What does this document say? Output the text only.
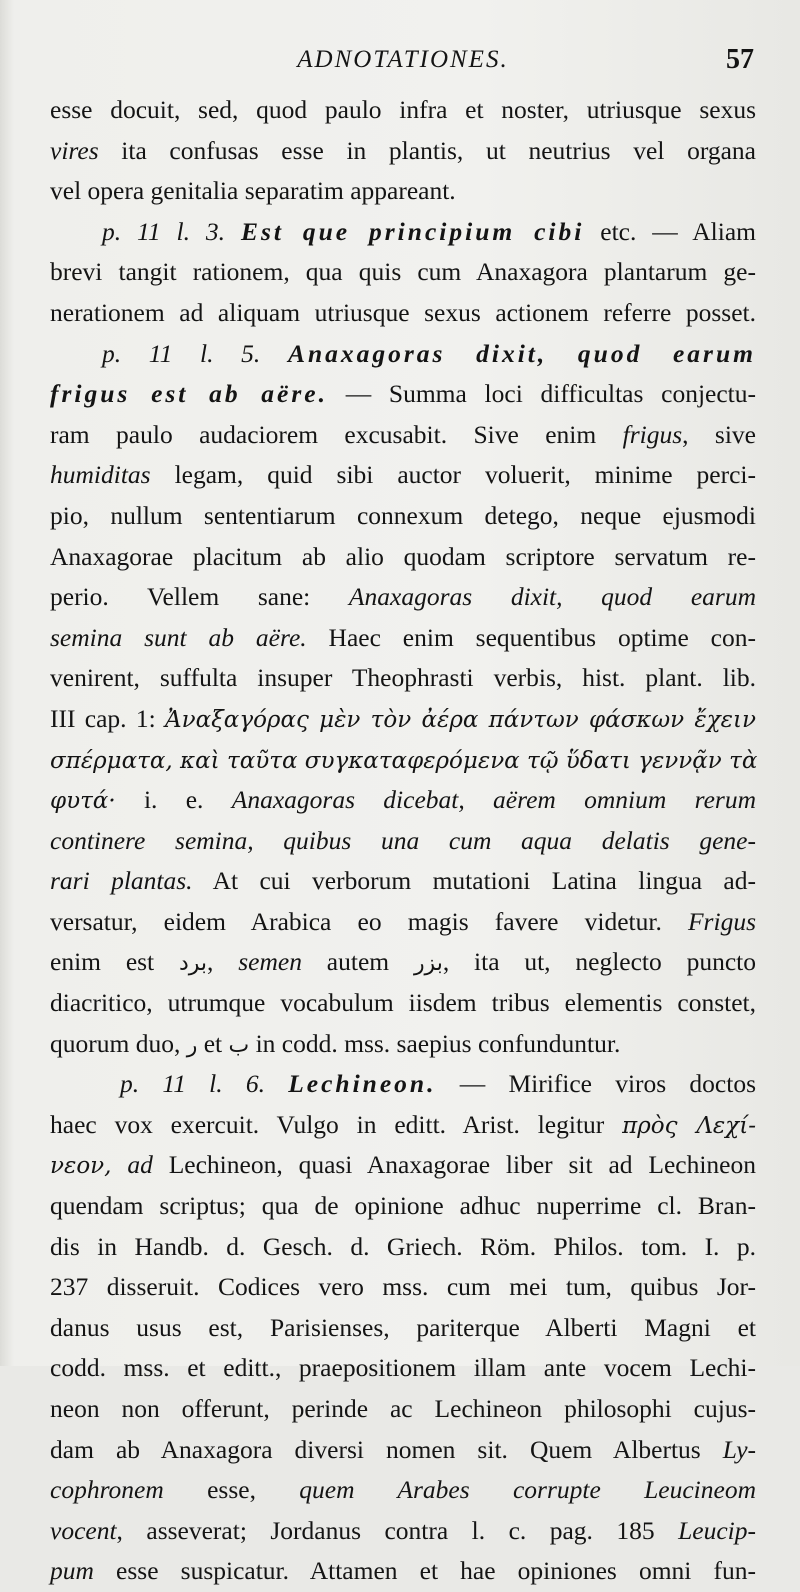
ADNOTATIONES.	57
esse docuit, sed, quod paulo infra et noster, utriusque sexus
vires ita confusas esse in plantis, ut neutrius vel organa
vel opera genitalia separatim appareant.
p. 11 l. 3. Est que principium cibi etc. — Aliam
brevi tangit rationem, qua quis cum Anaxagora plantarum ge-
nerationem ad aliquam utriusque sexus actionem referre posset.
p. 11 l. 5. Anaxagoras dixit, quod earum
frigus est ab aëre. — Summa loci difficultas conjectu-
ram paulo audaciorem excusabit. Sive enim frigus, sive
humiditas legam, quid sibi auctor voluerit, minime perci-
pio, nullum sententiarum connexum detego, neque ejusmodi
Anaxagorae placitum ab alio quodam scriptore servatum re-
perio. Vellem sane: Anaxagoras dixit, quod earum
semina sunt ab aëre. Haec enim sequentibus optime con-
venirent, suffulta insuper Theophrasti verbis, hist. plant. lib.
III cap. 1: Ἀναξαγόρας μὲν τὸν ἀέρα πάντων φάσκων ἔχειν
σπέρματα, καὶ ταῦτα συγκαταφερόμενα τῷ ὕδατι γεννᾷν τὰ
φυτά· i. e. Anaxagoras dicebat, aërem omnium rerum
continere semina, quibus una cum aqua delatis gene-
rari plantas. At cui verborum mutationi Latina lingua ad-
versatur, eidem Arabica eo magis favere videtur. Frigus
enim est برد, semen autem بزر, ita ut, neglecto puncto
diacritico, utrumque vocabulum iisdem tribus elementis constet,
quorum duo, ر et ب in codd. mss. saepius confunduntur.
p. 11 l. 6. Lechineon. — Mirifice viros doctos
haec vox exercuit. Vulgo in editt. Arist. legitur πρὸς Λεχί-
νεον, ad Lechineon, quasi Anaxagorae liber sit ad Lechineon
quendam scriptus; qua de opinione adhuc nuperrime cl. Bran-
dis in Handb. d. Gesch. d. Griech. Röm. Philos. tom. I. p.
237 disseruit. Codices vero mss. cum mei tum, quibus Jor-
danus usus est, Parisienses, pariterque Alberti Magni et
codd. mss. et editt., praepositionem illam ante vocem Lechi-
neon non offerunt, perinde ac Lechineon philosophi cujus-
dam ab Anaxagora diversi nomen sit. Quem Albertus Ly-
cophronem esse, quem Arabes corrupte Leucineom
vocent, asseverat; Jordanus contra l. c. pag. 185 Leucip-
pum esse suspicatur. Attamen et hae opiniones omni fun-
